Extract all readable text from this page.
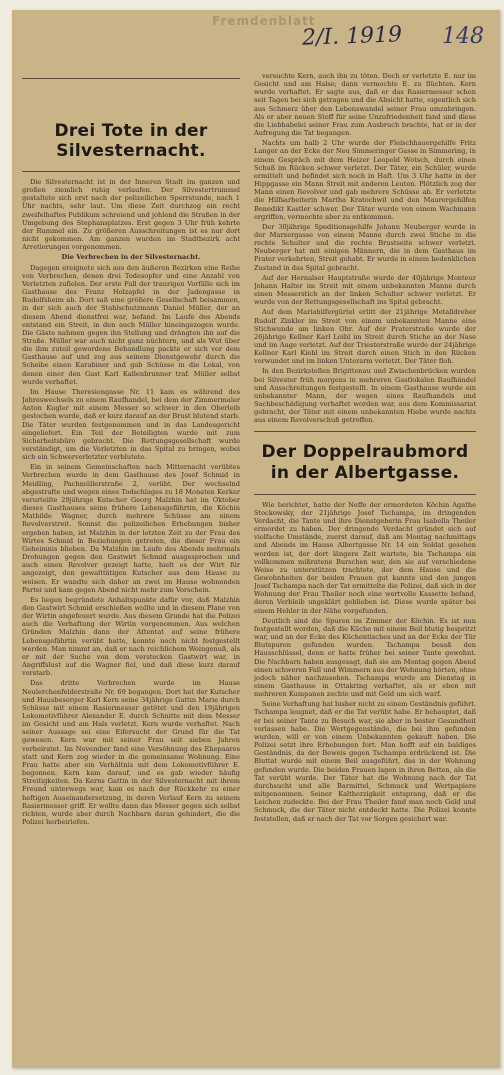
Fremdenblatt
2/I. 1919 148
Drei Tote in der Silvesternacht.

Die Silvesternacht ist in der Inneren Stadt im ganzen und großen ziemlich ruhig verlaufen. Der Silvestertrummel gestaltete sich erst nach der polizeilichen Sperrstunde, nach 1 Uhr nachts, sehr laut. Um diese Zeit durchzog ein recht zweifelhaftes Publikum schreiend und johlend die Straßen in der Umgebung des Stephansplatzes. Erst gegen 3 Uhr früh kehrte der Rummel ein. Zu größeren Ausschreitungen ist es nur dort nicht gekommen. Am ganzen wurden im Stadtbezirk acht Arretierungen vorgenommen.

Die Verbrechen in der Silvesternacht.

Dagegen ereignete sich aus den äußeren Bezirken eine Reihe von Verbrechen, denen drei Todesopfer und eine Anzahl von Verletzten zufielen. Der erste Fall der traurigen Vorfälle sich im Gasthause des Franz Holzapfel in der Jadengasse in Rudolfsheim ab. Dort saß eine größere Gesellschaft beisammen, in der sich auch der Stahlschutzmann Daniel Müller, der an diesem Abend dienstfrei war, befand. Im Laufe des Abends entstand ein Streit, in den auch Müller hineingezogen wurde. Die Gäste nahmen gegen ihn Stellung und drängten ihn auf die Straße. Müller war auch nicht ganz nüchtern, und als Wut über die ihm zuteil gewordene Behandlung packte er sich vor dem Gasthause auf und zog aus seinem Dienstgewehr durch die Scheibe einen Karabiner und gab Schüsse in die Lokal, von denen einer den Gast Karl Kallenbrunner traf. Müller selbst wurde verhaftet.

Im Hause Theresiengasse Nr. 11 kam es während des Jahreswechsels zu einem Raufhandel, bei dem der Zimmermaler Anton Kugler mit einem Messer so schwer in den Oberleib gestochen wurde, daß er kurz darauf an der Brust blutend starb. Die Täter wurden festgenommen und in das Landesgericht eingeliefert. Ein Teil der Beteiligten wurde mit zum Sicherheitsbüro gebracht. Die Rettungsgesellschaft wurde verständigt, um die Verletzten in das Spital zu bringen, wobei sich ein Schwerverletzter verblutete.

Ein in seinem Gemeinschaften nach Mitternacht verübtes Verbrechen wurde in dem Gasthause des Josef Schmid in Meidling, Pachmüllerstraße 2, verübt. Der wechselnd abgestrafte und wegen eines Todschlages zu 18 Monaten Kerker verurteilte 29jährige Kutscher Georg Malzhin hat im Oktober dieses Gasthauses seine frühere Lebensgefährtin, die Köchin Mathilde Wagner, durch mehrere Schüsse am einem Revolverstreit. Sonnst die polizeilichen Erhebungen bisher ergeben haben, ist Malzhin in der letzten Zeit zu der Frau des Wirtes Schmid in Beziehungen getreten, die dieser Frau ein Geheimnis blieben. Da Malzhin im Laufe des Abends mehrmals Drohungen gegen den Gastwirt Schmid ausgesprochen und auch einen Revolver gezeigt hatte, hielt es der Wirt für angezeigt, den gewalttätigen Kutscher aus dem Hause zu weisen. Er wandte sich daher an zwei im Hause wohnenden Partei und kam gegen Abend nicht mehr zum Vorschein.

Es liegen begründete Anhaltspunkte dafür vor, daß Malzhin den Gastwirt Schmid erschießen wollte und in diesem Plane von der Wirtin angefeuert wurde. Aus diesem Grunde hat die Polizei auch die Verhaftung der Wirtin vorgenommen. Aus welchen Gründen Malzhin dann der Attentat auf seine frühere Lebensgefährtin verübt hatte, konnte noch nicht festgestellt werden. Man nimmt an, daß er nach reichlichem Weingenuß, als er mit der Suche von dem verstecken Gastwirt war, in Angriffslust auf die Wagner fiel, und daß diese kurz darauf verstarb.

Das dritte Verbrechen wurde im Hause Neulerchenfelderstraße Nr. 69 begangen. Dort hat der Kutscher und Hausbesorger Karl Kern seine 34jährige Gattin Marie durch Schüsse mit einem Rasiermesser getötet und den 19jährigen Lokomotivführer Alexander E. durch Schnitte mit dem Messer im Gesicht und am Hals verletzt. Kern wurde verhaftet. Nach seiner Aussage sei eine Eifersucht der Grund für die Tat gewesen. Kern war mit seiner Frau seit sieben Jahren verheiratet. Im November fand eine Versöhnung des Ehepaares statt und Kern zog wieder in die gemeinsame Wohnung. Eine Frau hatte aber ein Verhältnis mit dem Lokomotivführer E. begonnen. Kern kam darauf, und es gab wieder häufig Streitigkeiten. Da Kerns Gattin in der Silvesternacht mit ihrem Freund unterwegs war, kam es nach der Rückkehr zu einer heftigen Auseinandersetzung, in deren Verlauf Kern zu seinem Rasiermesser griff. Er wollte dann das Messer gegen sich selbst richten, wurde aber durch Nachbarn daran gehindert, die die Polizei herbeiriefen.

versuchte Kern, auch ihn zu töten. Doch er verletzte E. nur im Gesicht und am Halse; dann vermochte E. zu flüchten. Kern wurde verhaftet. Er sagte aus, daß er das Rasiermesser schon seit Tagen bei sich getragen und die Absicht hatte, eigentlich sich aus Schmerz über den Lebenswandel seiner Frau umzubringen. Als er aber neuen Stoff für seine Unzufriedenheit fand und diese die Liebhabelei seiner Frau zum Ausbruch brachte, hat er in der Aufregung die Tat begangen.

Nachts um halb 2 Uhr wurde der Fleischhauergehilfe Fritz Langer an der Ecke der Neu Simmeringer Gasse in Simmering, in einem Gespräch mit dem Heizer Leopold Wotsch, durch einen Schuß im Rücken schwer verletzt. Der Täter, ein Schüler, wurde ermittelt und befindet sich noch in Haft. Um 3 Uhr hatte in der Hippgasse ein Mann Streit mit anderen Leuten. Plötzlich zog der Mann einen Revolver und gab mehrere Schüsse ab. Er verletzte die Hilfsarbeiterin Martha Kratochwil und den Maurergehilfen Benedikt Kastler schwer. Der Täter wurde von einem Wachmann ergriffen, vermochte aber zu entkommen.

Der 30jährige Speditionsgehilfe Johann Neuberger wurde in der Marxergasse von einem Manne durch zwei Stiche in die rechte Schulter und die rechte Brustseite schwer verletzt. Neuberger hat mit einigen Männern, die in dem Gasthaus im Prater verkehrten, Streit gehabt. Er wurde in einem bedenklichen Zustand in das Spital gebracht.

Auf der Hernalser Hauptstraße wurde der 40jährige Monteur Johann Halter im Streit mit einem unbekannten Manne durch einen Messerstich an der linken Schulter schwer verletzt. Er wurde von der Rettungsgesellschaft ins Spital gebracht.

Auf dem Mariahilfergürtel erlitt der 21jährige Metalldreher Rudolf Zinkler im Streit von einem unbekannten Manne eine Stichwunde am linken Ohr. Auf der Praterstraße wurde der 26jährige Kellner Karl Loibl im Streit durch Stiche an der Nase und im Auge verletzt. Auf der Triesterstraße wurde der 24jährige Kellner Karl Kiebl im Streit durch einen Stich in den Rücken verwundet und im linken Unterarm verletzt. Der Täter floh.

In den Bezirkstellen Brigittenau und Zwischenbrücken wurden bei Silvester früh morgens in mehreren Gastlokalen Raufhändel und Ausschreitungen festgestellt. In einem Gasthause wurde ein unbekannter Mann, der wegen eines Raufhandels und Sachbeschädigung verhaftet worden war, aus dem Kommissariat gebracht, der Täter mit einem unbekannten Hiebe wurde nachts aus einem Revolverschuß getroffen.

Der Doppelraubmord in der Albertgasse.

Wie berichtet, hatte der Neffe der ermordeten Köchin Agathe Stockowsky, der 21jährige Josef Tschampa, im dringenden Verdacht, die Tante und ihre Dienstgeberin Frau Isabella Theiler ermordet zu haben. Der dringende Verdacht gründet sich auf vielfache Umstände, zuerst darauf, daß am Montag nachmittags und Abends im Hause Albertgasse Nr. 14 ein Soldat gesehen worden ist, der dort längere Zeit wartete, bis Tschampa ein vollkommen mißratene Burschen war, den sie auf verschiedene Weise zu unterstützen trachtete, der dem Hause und die Gewohnheiten der beiden Frauen gut kannte und den jungen Josef Tschampa nach der Tat ermittelte die Polizei, daß sich in der Wohnung der Frau Theiler noch eine wertvolle Kassette befand, deren Verbleib ungeklärt geblieben ist. Diese wurde später bei einem Hehler in der Nähe vorgefunden.

Deutlich sind die Spuren im Zimmer der Köchin. Es ist nun festgestellt worden, daß die Küche mit einem Beil blutig bespritzt war, und an der Ecke des Küchentisches und an der Ecke der Tür Blutspuren gefunden wurden. Tschampa besaß den Hausschlüssel, denn er hatte früher bei seiner Tante gewohnt. Die Nachbarn haben ausgesagt, daß sie am Montag gegen Abend einen schweren Fall und Wimmern aus der Wohnung hörten, ohne jedoch näher nachzusehen. Tschampa wurde am Dienstag in einem Gasthause in Ottakring verhaftet, als er eben mit mehreren Kumpanen zechte und mit Geld um sich warf.

Seine Verhaftung hat bisher nicht zu einem Geständnis geführt. Tschampa leugnet, daß er die Tat verübt habe. Er behauptet, daß er bei seiner Tante zu Besuch war, sie aber in bester Gesundheit verlassen habe. Die Wertgegenstände, die bei ihm gefunden wurden, will er von einem Unbekannten gekauft haben. Die Polizei setzt ihre Erhebungen fort. Man hofft auf ein baldiges Geständnis, da der Beweis gegen Tschampa erdrückend ist. Die Bluttat wurde mit einem Beil ausgeführt, das in der Wohnung gefunden wurde. Die beiden Frauen lagen in ihren Betten, als die Tat verübt wurde. Der Täter hat die Wohnung nach der Tat durchsucht und alle Barmittel, Schmuck und Wertpapiere mitgenommen. Seiner Kaltherzigkeit entsprang, daß er die Leichen zudeckte. Bei der Frau Theiler fand man noch Geld und Schmuck, die der Täter nicht entdeckt hatte. Die Polizei konnte feststellen, daß er nach der Tat vor Sorgen gesichert war.
